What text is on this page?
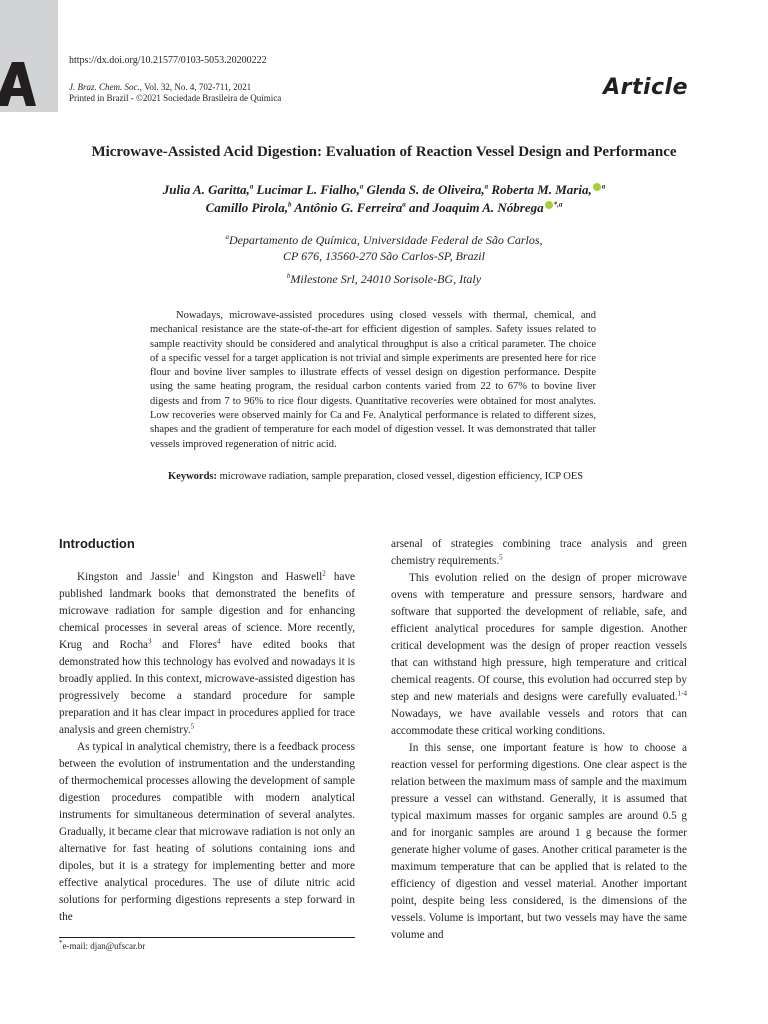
https://dx.doi.org/10.21577/0103-5053.20200222
J. Braz. Chem. Soc., Vol. 32, No. 4, 702-711, 2021
Printed in Brazil - ©2021 Sociedade Brasileira de Química	Article
Microwave-Assisted Acid Digestion: Evaluation of Reaction Vessel Design and Performance
Julia A. Garitta,$^a$ Lucimar L. Fialho,$^a$ Glenda S. de Oliveira,$^a$ Roberta M. Maria, $^a$
Camillo Pirola,$^b$ Antônio G. Ferreira$^a$ and Joaquim A. Nóbrega $^{*,a}$
$^a$Departamento de Química, Universidade Federal de São Carlos,
CP 676, 13560-270 São Carlos-SP, Brazil
$^b$Milestone Srl, 24010 Sorisole-BG, Italy

Nowadays, microwave-assisted procedures using closed vessels with thermal, chemical, and mechanical resistance are the state-of-the-art for efficient digestion of samples. Safety issues related to sample reactivity should be considered and analytical throughput is also a critical parameter. The choice of a specific vessel for a target application is not trivial and simple experiments are presented here for rice flour and bovine liver samples to illustrate effects of vessel design on digestion performance. Despite using the same heating program, the residual carbon contents varied from 22 to 67% to bovine liver digests and from 7 to 96% to rice flour digests. Quantitative recoveries were obtained for most analytes. Low recoveries were observed mainly for Ca and Fe. Analytical performance is related to different sizes, shapes and the gradient of temperature for each model of digestion vessel. It was demonstrated that taller vessels improved regeneration of nitric acid.

Keywords: microwave radiation, sample preparation, closed vessel, digestion efficiency, ICP OES

Introduction

Kingston and Jassie$^1$ and Kingston and Haswell$^2$ have published landmark books that demonstrated the benefits of microwave radiation for sample digestion and for enhancing chemical processes in several areas of science. More recently, Krug and Rocha$^3$ and Flores$^4$ have edited books that demonstrated how this technology has evolved and nowadays it is broadly applied. In this context, microwave-assisted digestion has progressively become a standard procedure for sample preparation and it has clear impact in procedures applied for trace analysis and green chemistry.$^5$

As typical in analytical chemistry, there is a feedback process between the evolution of instrumentation and the understanding of thermochemical processes allowing the development of sample digestion procedures compatible with modern analytical instruments for simultaneous determination of several analytes. Gradually, it became clear that microwave radiation is not only an alternative for fast heating of solutions containing ions and dipoles, but it is a strategy for implementing better and more effective analytical procedures. The use of dilute nitric acid solutions for performing digestions represents a step forward in the

arsenal of strategies combining trace analysis and green chemistry requirements.$^5$

This evolution relied on the design of proper microwave ovens with temperature and pressure sensors, hardware and software that supported the development of reliable, safe, and efficient analytical procedures for sample digestion. Another critical development was the design of proper reaction vessels that can withstand high pressure, high temperature and critical chemical reagents. Of course, this evolution had occurred step by step and new materials and designs were carefully evaluated.$^{1-4}$ Nowadays, we have available vessels and rotors that can accommodate these critical working conditions.

In this sense, one important feature is how to choose a reaction vessel for performing digestions. One clear aspect is the relation between the maximum mass of sample and the maximum pressure a vessel can withstand. Generally, it is assumed that typical maximum masses for organic samples are around 0.5 g and for inorganic samples are around 1 g because the former generate higher volume of gases. Another critical parameter is the maximum temperature that can be applied that is related to the efficiency of digestion and vessel material. Another important point, despite being less considered, is the dimensions of the vessels. Volume is important, but two vessels may have the same volume and

*e-mail: djan@ufscar.br
